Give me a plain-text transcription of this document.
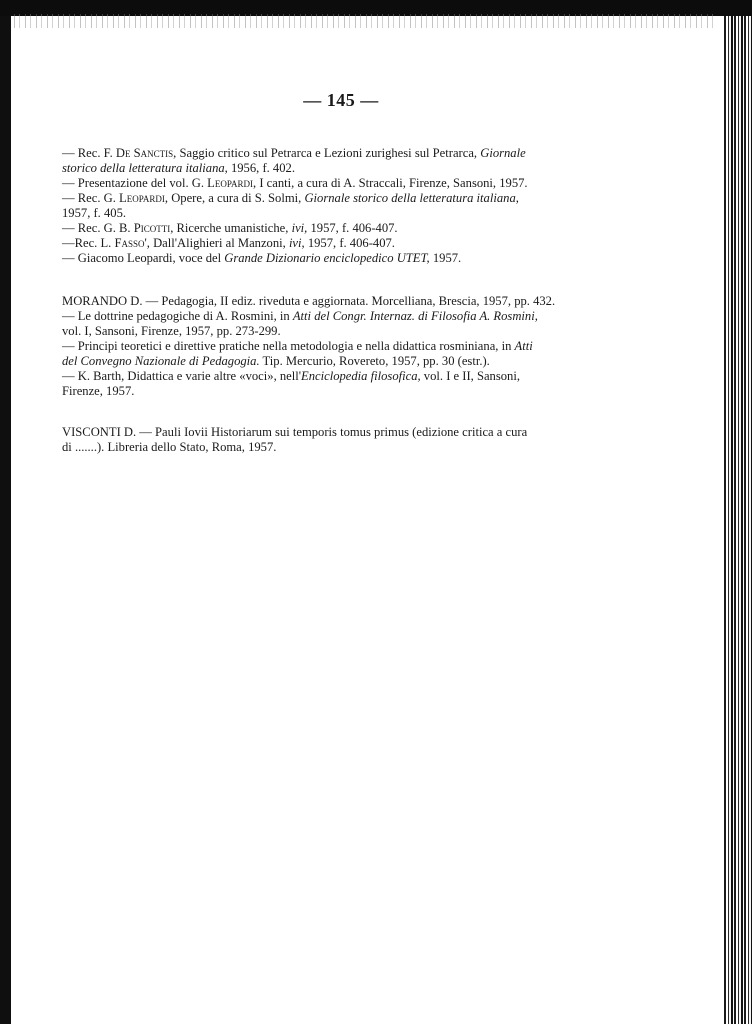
— 145 —

— Rec. F. De Sanctis, Saggio critico sul Petrarca e Lezioni zurighesi sul Petrarca, Giornale
storico della letteratura italiana, 1956, f. 402.

— Presentazione del vol. G. Leopardi, I canti, a cura di A. Straccali, Firenze, Sansoni, 1957.

— Rec. G. Leopardi, Opere, a cura di S. Solmi, Giornale storico della letteratura italiana,
1957, f. 405.

— Rec. G. B. Picotti, Ricerche umanistiche, ivi, 1957, f. 406-407.

—Rec. L. Fasso', Dall'Alighieri al Manzoni, ivi, 1957, f. 406-407.

— Giacomo Leopardi, voce del Grande Dizionario enciclopedico UTET, 1957.

MORANDO D. — Pedagogia, II ediz. riveduta e aggiornata. Morcelliana, Brescia, 1957, pp. 432.

— Le dottrine pedagogiche di A. Rosmini, in Atti del Congr. Internaz. di Filosofia A. Rosmini,
vol. I, Sansoni, Firenze, 1957, pp. 273-299.

— Principi teoretici e direttive pratiche nella metodologia e nella didattica rosminiana, in Atti
del Convegno Nazionale di Pedagogia. Tip. Mercurio, Rovereto, 1957, pp. 30 (estr.).

— K. Barth, Didattica e varie altre «voci», nell'Enciclopedia filosofica, vol. I e II, Sansoni,
Firenze, 1957.

VISCONTI D. — Pauli Iovii Historiarum sui temporis tomus primus (edizione critica a cura
di .......). Libreria dello Stato, Roma, 1957.
